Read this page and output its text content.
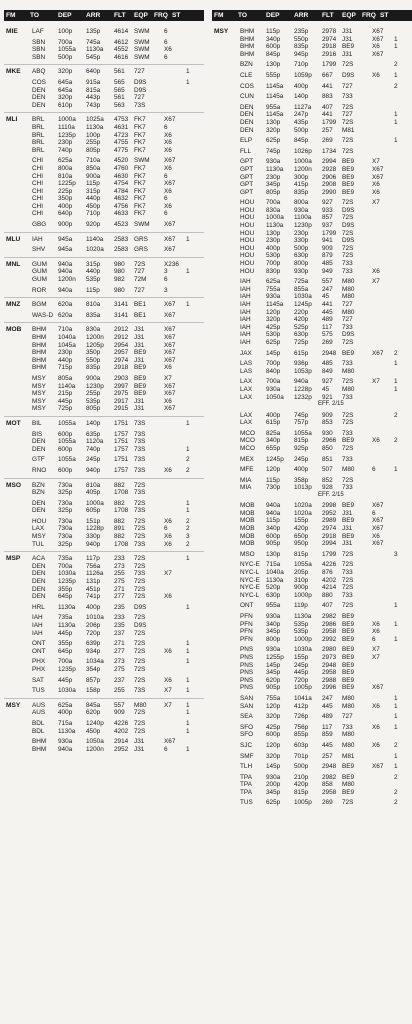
FM	TO	DEP	ARR	FLT	EQP FRQ ST
MIE	LAF	100p	135p	4614 SWM	6
SBN	700a	745a	4612 SWM	6
SBN	1055a	1130a	4552 SWM	X6
SBN	500p	545p	4616 SWM	6
MKE	ABQ	320p	640p	561	727	1
COS	645a	915a	565	D9S	1
DEN	645a	815a	565	D9S
DEN	320p	443p	561	727
DEN	610p	743p	563	73S
MLI	BRL	1000a	1025a	4753 FK7	X67
BRL	1110a	1130a	4631 FK7	6
BRL	1235p	100p	4723 FK7	X6
BRL	230p	255p	4755 FK7	X6
BRL	740p	805p	4775 FK7	X6
CHI	625a	710a	4520 SWM	X67
CHI	800a	850a	4760 FK7	X6
CHI	810a	900a	4630 FK7	6
CHI	1225p	115p	4754 FK7	X67
CHI	225p	315p	4784 FK7	X6
CHI	350p	440p	4632 FK7	6
CHI	400p	450p	4756 FK7	X6
CHI	640p	710p	4633 FK7	6
GBG	900p	920p	4523 SWM	X67
MLU	IAH	945a	1140a	2583 GRS	X67	1
SHV	945a	1020a	2583 GRS	X67
MNL	GUM	940a	315p	980	72S	X236
GUM	940a	440p	980	727	3	1
GUM	1200n	535p	982	72M	6
ROR	940a	115p	980	727	3
MNZ	BGM	620a	810a	3141 BE1	X67	1
WAS-D 620a	835a	3141 BE1	X67
MOB	BHM	710a	830a	2912 J31	X67
BHM	1040a	1200n	2912 J31	X67
BHM	1045a	1205p	2954 J31	X67
BHM	230p	350p	2957 BE9	X67
BHM	440p	550p	2974 J31	X67
BHM	715p	835p	2918 BE9	X6
MSY	805a	900a	2903 BE9	X7
MSY	1140a	1230p	2997 BE9	X67
MSY	215p	255p	2975 BE9	X67
MSY	445p	535p	2917 J31	X6
MSY	725p	805p	2915 J31	X67
MOT	BIL	1055a	140p	1751 73S	1
BIS	600p	635p	1757 73S
DEN	1055a	1120a	1751 73S
DEN	600p	740p	1757 73S	1
GTF	1055a	245p	1751 73S	2
RNO	600p	940p	1757 73S	X6	2
MSO	BZN	730a	810a	882	72S
BZN	325p	405p	1708 73S
DEN	730a	1000a	882	72S	1
DEN	325p	605p	1708 73S	1
HOU	730a	151p	882	72S	X6	2
LAX	730a	1228p	891	72S	6	2
MSY	730a	330p	882	72S	X6	3
TUL	325p	940p	1708 73S	X6	2
MSP	ACA	735a	117p	233	72S	1
DEN	700a	756a	273	72S
DEN	1030a	1126a	255	73S	X7
DEN	1235p	131p	275	72S
DEN	355p	451p	271	72S
DEN	645p	741p	277	72S	X6
HRL	1130a	400p	235	D9S	1
IAH	735a	1010a	233	72S
IAH	1130a	206p	235	D9S
IAH	445p	720p	237	72S
ONT	355p	639p	271	72S	1
ONT	645p	934p	277	72S	X6	1
PHX	700a	1034a	273	72S	1
PHX	1235p	354p	275	72S
SAT	445p	857p	237	72S	X6	1
TUS	1030a	158p	255	73S	X7	1
MSY	AUS	625a	845a	557	M80	X7	1
AUS	400p	620p	909	72S	1
BDL	715a	1240p	4226 72S	1
BDL	1130a	450p	4202 72S	1
BHM	930a	1050a	2914 J31	X67
BHM	940a	1200n	2952 J31	6	1
FM	TO	DEP	ARR	FLT	EQP FRQ ST
MSY	BHM	115p	235p	2978 J31	X67
BHM	340p	550p	2974 J31	X67	1
BHM	600p	835p	2918 BE9	X6	1
BHM	845p	945p	2916 J31	X67
BZN	130p	710p	1799 72S	2
CLE	555p	1059p	667	D9S	X6	1
COS	1145a	400p	441	727	2
CUN	1145a	140p	883	733
DEN	955a	1127a	407	72S
DEN	1145a	247p	441	727	1
DEN	130p	435p	1799 72S	1
DEN	320p	500p	257	M81
ELP	625p	845p	269	72S	1
FLL	745p	1026p	1734 72S
GPT	930a	1000a	2994 BE9	X7
GPT	1130a	1200n	2928 BE9	X67
GPT	230p	300p	2906 BE9	X67
GPT	345p	415p	2908 BE9	X6
GPT	805p	835p	2990 BE9	X6
HOU	700a	800a	927	72S	X7
HOU	830a	930a	933	D9S
HOU	1000a	1100a	857	72S
HOU	1130a	1230p	937	D9S
HOU	130p	230p	1799 72S
HOU	230p	330p	941	D9S
HOU	400p	500p	909	72S
HOU	530p	630p	879	72S
HOU	700p	800p	485	733
HOU	830p	930p	949	733	X6
IAH	625a	725a	557	M80	X7
IAH	755a	855a	247	M80
IAH	930a	1030a	45	M80
IAH	1145a	1245p	441	727
IAH	120p	220p	445	M80
IAH	320p	420p	489	727
IAH	425p	525p	117	733
IAH	530p	630p	575	D9S
IAH	625p	725p	269	72S
JAX	145p	615p	2948 BE9	X67	2
LAS	700p	936p	485	733	1
LAS	840p	1053p	849	M80
LAX	700a	940a	927	72S	X7	1
LAX	930a	1228p	45	M80	1
LAX	1050a	1232p	921	733
EFF. 2/15
LAX	400p	745p	909	72S	2
LAX	615p	757p	853	72S
MCO	825a	1055a	930	733
MCO	340p	815p	2966 BE9	X6	2
MCO	655p	925p	850	72S
MEX	1245p	245p	851	733
MFE	120p	400p	507	M80	6	1
MIA	115p	358p	852	72S
MIA	730p	1013p	928	733
EFF. 2/15
MOB	940a	1020a	2998 BE9	X67
MOB	940a	1020a	2952 J31	6
MOB	115p	155p	2989 BE9	X67
MOB	340p	420p	2974 J31	X67
MOB	600p	650p	2918 BE9	X6
MOB	905p	950p	2994 J31	X67
MSO	130p	815p	1799 72S	3
NYC-E 715a	1055a	4226 72S
NYC-L	1040a	205p	876	733
NYC-E 1130a	310p	4202 72S
NYC-E 520p	900p	4214 72S
NYC-L	630p	1000p	880	733
ONT	955a	119p	407	72S	1
PFN	930a	1130a	2982 BE9
PFN	340p	535p	2986 BE9	X6	1
PFN	345p	535p	2958 BE9	X6
PFN	800p	1000p	2992 BE9	6	1
PNS	930a	1030a	2980 BE9	X7
PNS	1255p	155p	2973 BE9	X7
PNS	145p	245p	2948 BE9
PNS	345p	445p	2958 BE9
PNS	620p	720p	2988 BE9
PNS	905p	1005p	2996 BE9	X67
SAN	755a	1041a	247	M80	1
SAN	120p	412p	445	M80	X6	1
SEA	320p	726p	489	727	1
SFO	425p	756p	117	733	X6	1
SFO	600p	855p	859	M80
SJC	120p	603p	445	M80	X6	2
SMF	320p	701p	257	M81	1
TLH	145p	500p	2948 BE9	X67	1
TPA	930a	210p	2982 BE9	2
TPA	200p	420p	858	M80
TPA	345p	815p	2958 BE9	2
TUS	625p	1005p	269	72S	2
